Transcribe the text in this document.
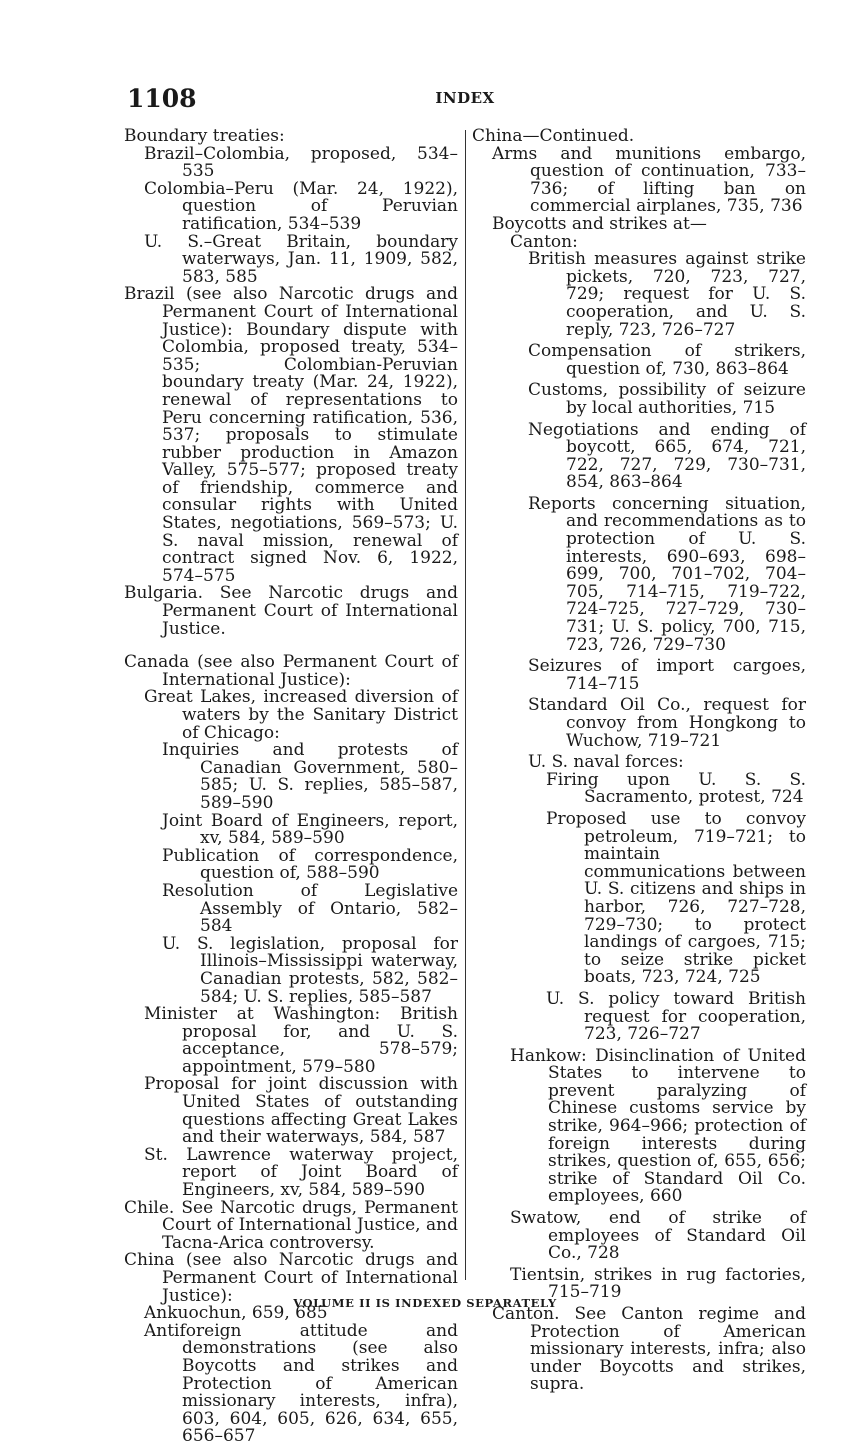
1108	INDEX

Boundary treaties:

Brazil–Colombia, proposed, 534–535

Colombia–Peru (Mar. 24, 1922), question of Peruvian ratification, 534–539

U. S.–Great Britain, boundary waterways, Jan. 11, 1909, 582, 583, 585

Brazil (see also Narcotic drugs and Permanent Court of International Justice): Boundary dispute with Colombia, proposed treaty, 534–535; Colombian-Peruvian boundary treaty (Mar. 24, 1922), renewal of representations to Peru concerning ratification, 536, 537; proposals to stimulate rubber production in Amazon Valley, 575–577; proposed treaty of friendship, commerce and consular rights with United States, negotiations, 569–573; U. S. naval mission, renewal of contract signed Nov. 6, 1922, 574–575

Bulgaria. See Narcotic drugs and Permanent Court of International Justice.

Canada (see also Permanent Court of International Justice):

Great Lakes, increased diversion of waters by the Sanitary District of Chicago:

Inquiries and protests of Canadian Government, 580–585; U. S. replies, 585–587, 589–590

Joint Board of Engineers, report, xv, 584, 589–590

Publication of correspondence, question of, 588–590

Resolution of Legislative Assembly of Ontario, 582–584

U. S. legislation, proposal for Illinois–Mississippi waterway, Canadian protests, 582, 582–584; U. S. replies, 585–587

Minister at Washington: British proposal for, and U. S. acceptance, 578–579; appointment, 579–580

Proposal for joint discussion with United States of outstanding questions affecting Great Lakes and their waterways, 584, 587

St. Lawrence waterway project, report of Joint Board of Engineers, xv, 584, 589–590

Chile. See Narcotic drugs, Permanent Court of International Justice, and Tacna-Arica controversy.

China (see also Narcotic drugs and Permanent Court of International Justice):

Ankuochun, 659, 685

Antiforeign attitude and demonstrations (see also Boycotts and strikes and Protection of American missionary interests, infra), 603, 604, 605, 626, 634, 655, 656–657

China—Continued.

Arms and munitions embargo, question of continuation, 733–736; of lifting ban on commercial airplanes, 735, 736

Boycotts and strikes at—

Canton:

British measures against strike pickets, 720, 723, 727, 729; request for U. S. cooperation, and U. S. reply, 723, 726–727

Compensation of strikers, question of, 730, 863–864

Customs, possibility of seizure by local authorities, 715

Negotiations and ending of boycott, 665, 674, 721, 722, 727, 729, 730–731, 854, 863–864

Reports concerning situation, and recommendations as to protection of U. S. interests, 690–693, 698–699, 700, 701–702, 704–705, 714–715, 719–722, 724–725, 727–729, 730–731; U. S. policy, 700, 715, 723, 726, 729–730

Seizures of import cargoes, 714–715

Standard Oil Co., request for convoy from Hongkong to Wuchow, 719–721

U. S. naval forces:

Firing upon U. S. S. Sacramento, protest, 724

Proposed use to convoy petroleum, 719–721; to maintain communications between U. S. citizens and ships in harbor, 726, 727–728, 729–730; to protect landings of cargoes, 715; to seize strike picket boats, 723, 724, 725

U. S. policy toward British request for cooperation, 723, 726–727

Hankow: Disinclination of United States to intervene to prevent paralyzing of Chinese customs service by strike, 964–966; protection of foreign interests during strikes, question of, 655, 656; strike of Standard Oil Co. employees, 660

Swatow, end of strike of employees of Standard Oil Co., 728

Tientsin, strikes in rug factories, 715–719

Canton. See Canton regime and Protection of American missionary interests, infra; also under Boycotts and strikes, supra.

VOLUME II IS INDEXED SEPARATELY
